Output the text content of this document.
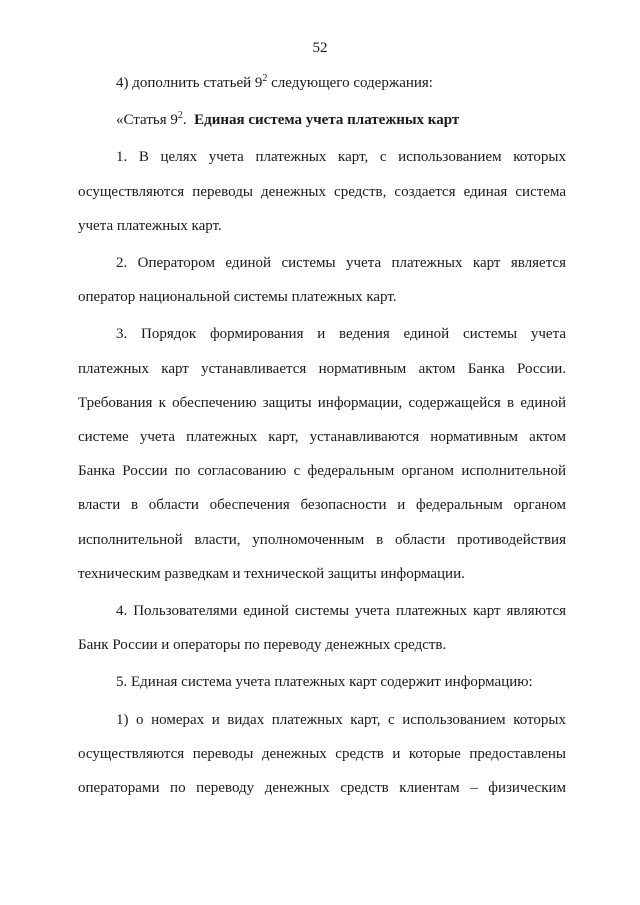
52
4) дополнить статьей $9^2$ следующего содержания:
«Статья $9^2$. Единая система учета платежных карт
1. В целях учета платежных карт, с использованием которых
осуществляются переводы денежных средств, создается единая система
учета платежных карт.
2. Оператором единой системы учета платежных карт является
оператор национальной системы платежных карт.
3. Порядок формирования и ведения единой системы учета
платежных карт устанавливается нормативным актом Банка России.
Требования к обеспечению защиты информации, содержащейся в единой
системе учета платежных карт, устанавливаются нормативным актом
Банка России по согласованию с федеральным органом исполнительной
власти в области обеспечения безопасности и федеральным органом
исполнительной власти, уполномоченным в области противодействия
техническим разведкам и технической защиты информации.
4. Пользователями единой системы учета платежных карт являются
Банк России и операторы по переводу денежных средств.
5. Единая система учета платежных карт содержит информацию:
1) о номерах и видах платежных карт, с использованием которых
осуществляются переводы денежных средств и которые предоставлены
операторами по переводу денежных средств клиентам – физическим
